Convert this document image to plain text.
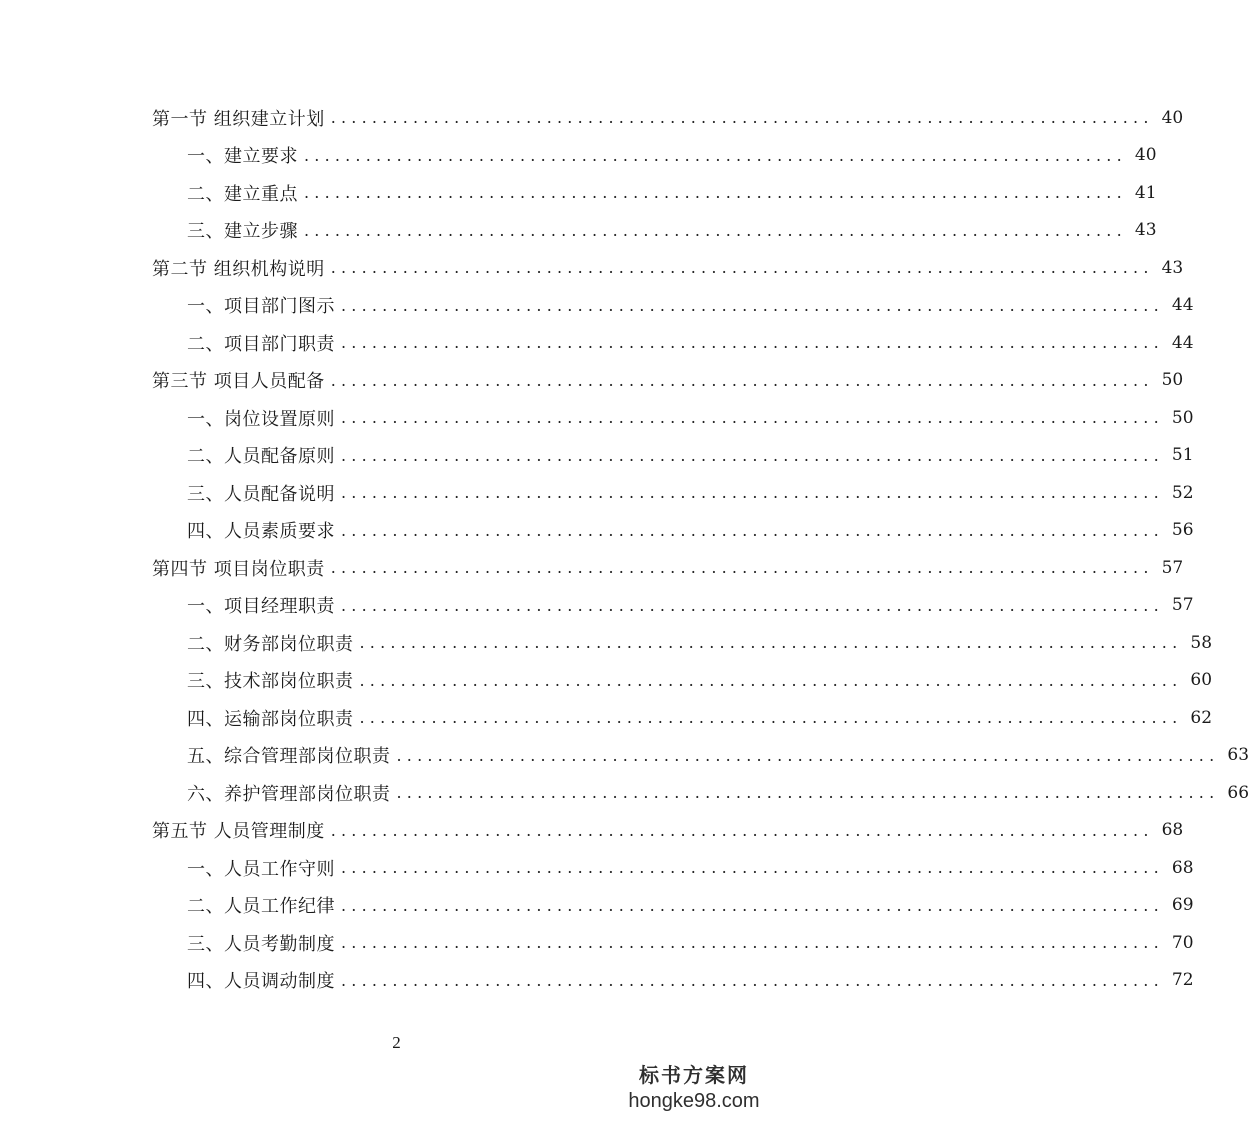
第一节 组织建立计划 ................................................................................ 40
一、建立要求 ................................................................................ 40
二、建立重点 ................................................................................ 41
三、建立步骤 ................................................................................ 43
第二节 组织机构说明 ................................................................................ 43
一、项目部门图示 ................................................................................ 44
二、项目部门职责 ................................................................................ 44
第三节 项目人员配备 ................................................................................ 50
一、岗位设置原则 ................................................................................ 50
二、人员配备原则 ................................................................................ 51
三、人员配备说明 ................................................................................ 52
四、人员素质要求 ................................................................................ 56
第四节 项目岗位职责 ................................................................................ 57
一、项目经理职责 ................................................................................ 57
二、财务部岗位职责 ................................................................................ 58
三、技术部岗位职责 ................................................................................ 60
四、运输部岗位职责 ................................................................................ 62
五、综合管理部岗位职责 ................................................................................ 63
六、养护管理部岗位职责 ................................................................................ 66
第五节 人员管理制度 ................................................................................ 68
一、人员工作守则 ................................................................................ 68
二、人员工作纪律 ................................................................................ 69
三、人员考勤制度 ................................................................................ 70
四、人员调动制度 ................................................................................ 72
2
标书方案网
hongke98.com
